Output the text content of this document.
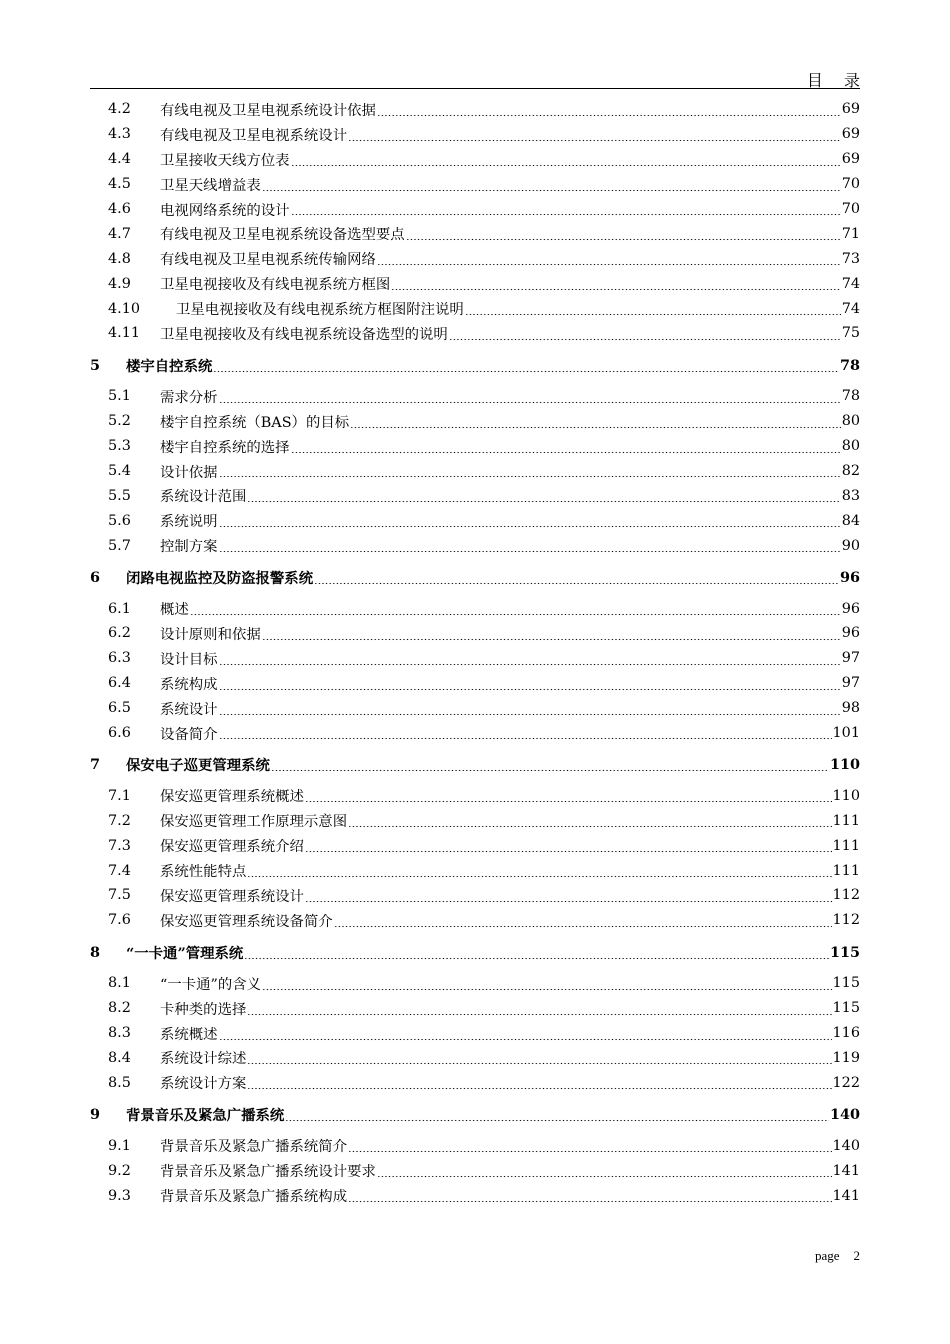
目 录
4.2	有线电视及卫星电视系统设计依据	69
4.3	有线电视及卫星电视系统设计	69
4.4	卫星接收天线方位表	69
4.5	卫星天线增益表	70
4.6	电视网络系统的设计	70
4.7	有线电视及卫星电视系统设备选型要点	71
4.8	有线电视及卫星电视系统传输网络	73
4.9	卫星电视接收及有线电视系统方框图	74
4.10	卫星电视接收及有线电视系统方框图附注说明	74
4.11	卫星电视接收及有线电视系统设备选型的说明	75
5	楼宇自控系统	78
5.1	需求分析	78
5.2	楼宇自控系统（BAS）的目标	80
5.3	楼宇自控系统的选择	80
5.4	设计依据	82
5.5	系统设计范围	83
5.6	系统说明	84
5.7	控制方案	90
6	闭路电视监控及防盗报警系统	96
6.1	概述	96
6.2	设计原则和依据	96
6.3	设计目标	97
6.4	系统构成	97
6.5	系统设计	98
6.6	设备简介	101
7	保安电子巡更管理系统	110
7.1	保安巡更管理系统概述	110
7.2	保安巡更管理工作原理示意图	111
7.3	保安巡更管理系统介绍	111
7.4	系统性能特点	111
7.5	保安巡更管理系统设计	112
7.6	保安巡更管理系统设备简介	112
8	“一卡通”管理系统	115
8.1	“一卡通”的含义	115
8.2	卡种类的选择	115
8.3	系统概述	116
8.4	系统设计综述	119
8.5	系统设计方案	122
9	背景音乐及紧急广播系统	140
9.1	背景音乐及紧急广播系统简介	140
9.2	背景音乐及紧急广播系统设计要求	141
9.3	背景音乐及紧急广播系统构成	141
page 2
